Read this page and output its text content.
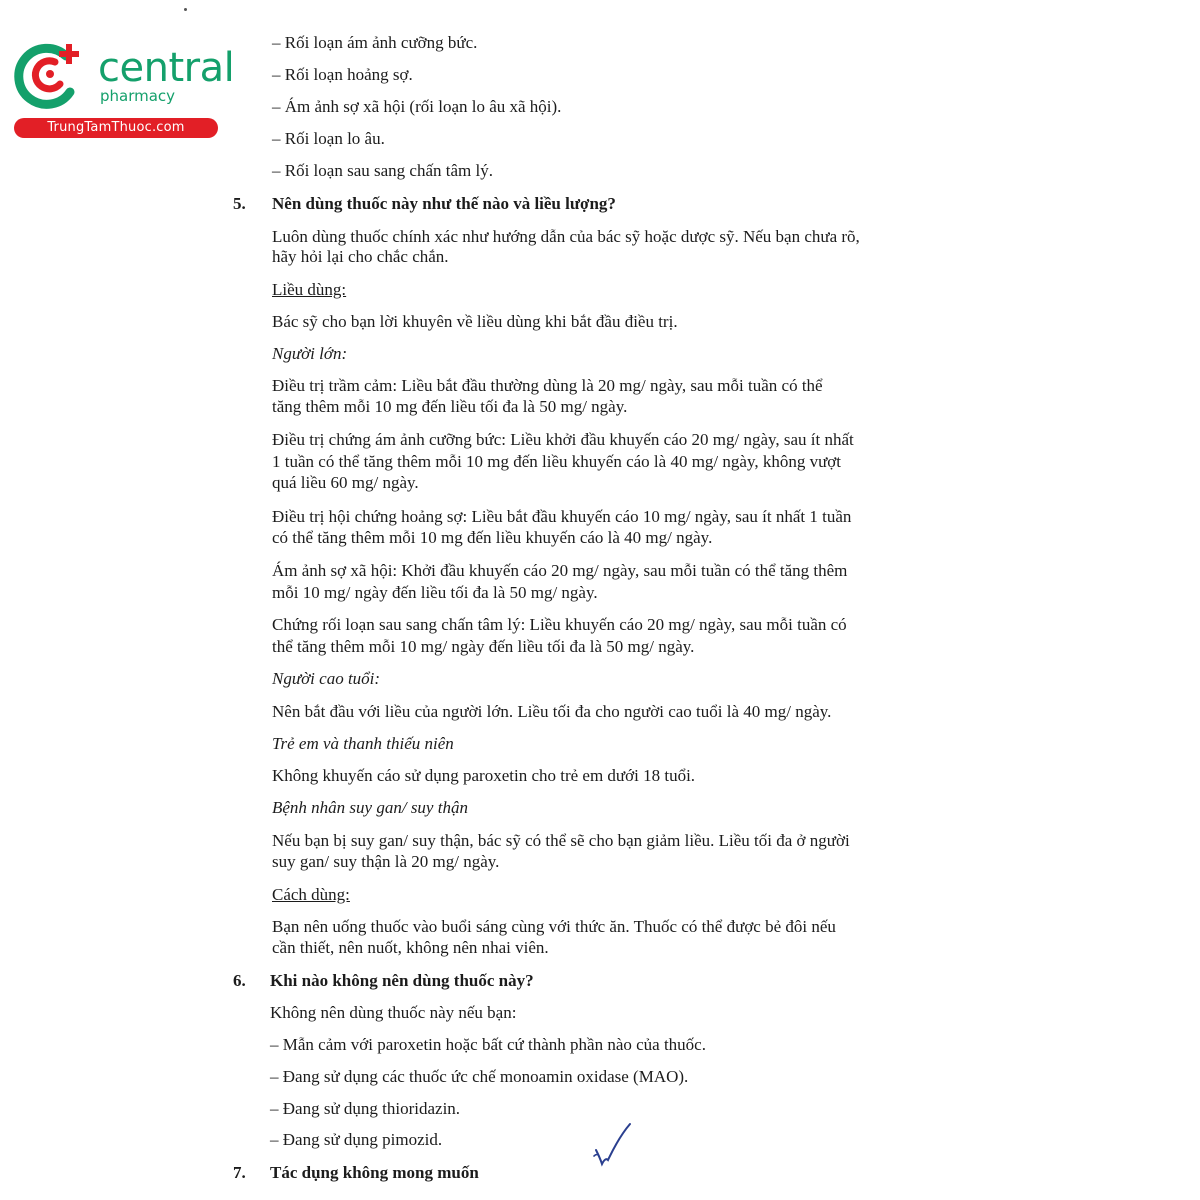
central
pharmacy
TrungTamThuoc.com
– Rối loạn ám ảnh cưỡng bức.
– Rối loạn hoảng sợ.
– Ám ảnh sợ xã hội (rối loạn lo âu xã hội).
– Rối loạn lo âu.
– Rối loạn sau sang chấn tâm lý.
5. Nên dùng thuốc này như thế nào và liều lượng?
Luôn dùng thuốc chính xác như hướng dẫn của bác sỹ hoặc dược sỹ. Nếu bạn chưa rõ,
hãy hỏi lại cho chắc chắn.
Liều dùng:
Bác sỹ cho bạn lời khuyên về liều dùng khi bắt đầu điều trị.
Người lớn:
Điều trị trầm cảm: Liều bắt đầu thường dùng là 20 mg/ ngày, sau mỗi tuần có thể
tăng thêm mỗi 10 mg đến liều tối đa là 50 mg/ ngày.
Điều trị chứng ám ảnh cưỡng bức: Liều khởi đầu khuyến cáo 20 mg/ ngày, sau ít nhất
1 tuần có thể tăng thêm mỗi 10 mg đến liều khuyến cáo là 40 mg/ ngày, không vượt
quá liều 60 mg/ ngày.
Điều trị hội chứng hoảng sợ: Liều bắt đầu khuyến cáo 10 mg/ ngày, sau ít nhất 1 tuần
có thể tăng thêm mỗi 10 mg đến liều khuyến cáo là 40 mg/ ngày.
Ám ảnh sợ xã hội: Khởi đầu khuyến cáo 20 mg/ ngày, sau mỗi tuần có thể tăng thêm
mỗi 10 mg/ ngày đến liều tối đa là 50 mg/ ngày.
Chứng rối loạn sau sang chấn tâm lý: Liều khuyến cáo 20 mg/ ngày, sau mỗi tuần có
thể tăng thêm mỗi 10 mg/ ngày đến liều tối đa là 50 mg/ ngày.
Người cao tuổi:
Nên bắt đầu với liều của người lớn. Liều tối đa cho người cao tuổi là 40 mg/ ngày.
Trẻ em và thanh thiếu niên
Không khuyến cáo sử dụng paroxetin cho trẻ em dưới 18 tuổi.
Bệnh nhân suy gan/ suy thận
Nếu bạn bị suy gan/ suy thận, bác sỹ có thể sẽ cho bạn giảm liều. Liều tối đa ở người
suy gan/ suy thận là 20 mg/ ngày.
Cách dùng:
Bạn nên uống thuốc vào buổi sáng cùng với thức ăn. Thuốc có thể được bẻ đôi nếu
cần thiết, nên nuốt, không nên nhai viên.
6. Khi nào không nên dùng thuốc này?
Không nên dùng thuốc này nếu bạn:
– Mẫn cảm với paroxetin hoặc bất cứ thành phần nào của thuốc.
– Đang sử dụng các thuốc ức chế monoamin oxidase (MAO).
– Đang sử dụng thioridazin.
– Đang sử dụng pimozid.
7. Tác dụng không mong muốn
